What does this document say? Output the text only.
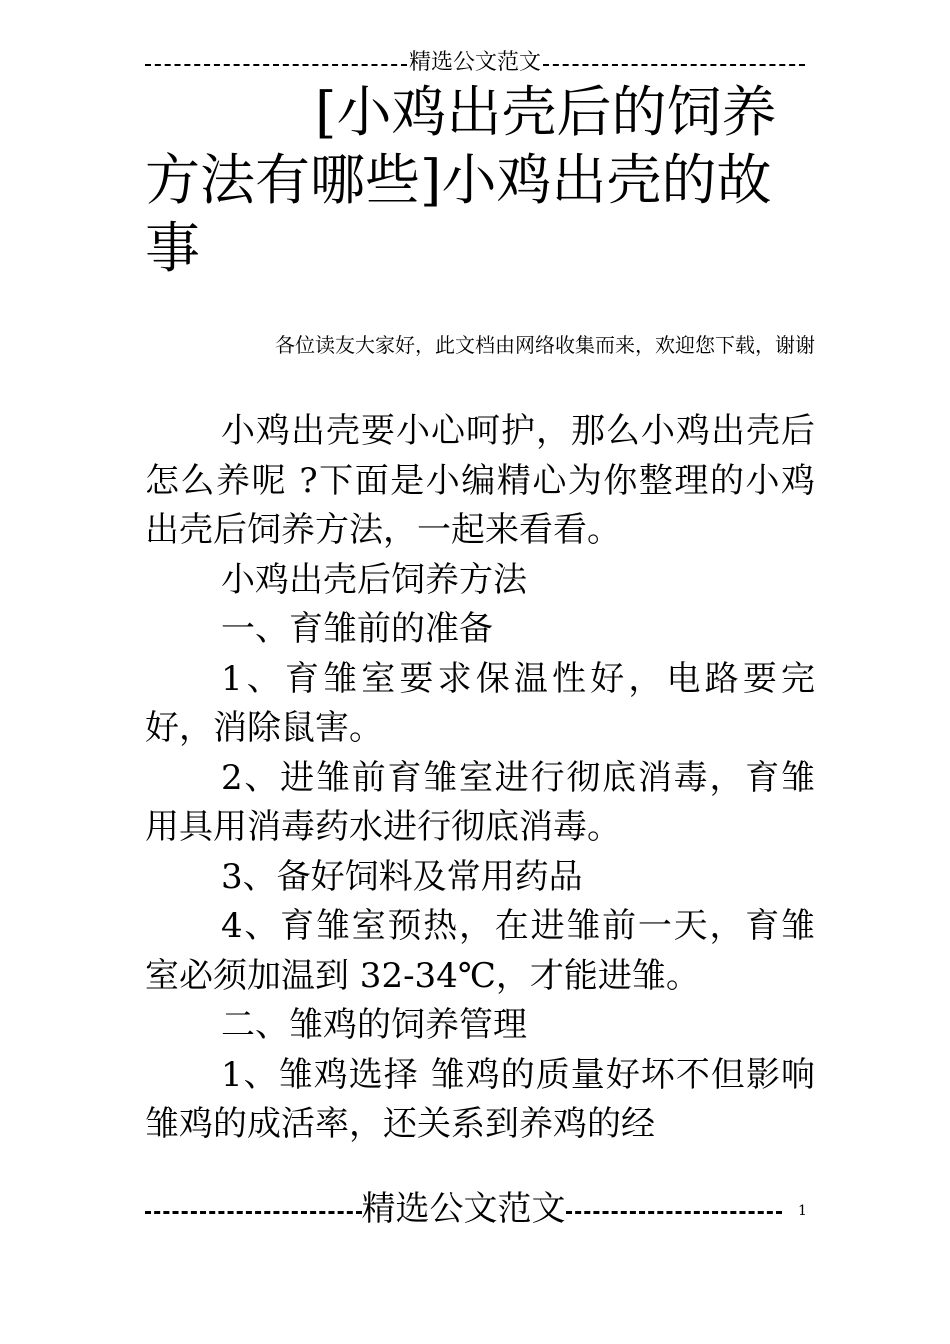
精选公文范文
[小鸡出壳后的饲养方法有哪些]小鸡出壳的故事
各位读友大家好，此文档由网络收集而来，欢迎您下载，谢谢

小鸡出壳要小心呵护，那么小鸡出壳后怎么养呢 ?下面是小编精心为你整理的小鸡出壳后饲养方法，一起来看看。

小鸡出壳后饲养方法

一、育雏前的准备

1、育雏室要求保温性好，电路要完好，消除鼠害。

2、进雏前育雏室进行彻底消毒，育雏用具用消毒药水进行彻底消毒。

3、备好饲料及常用药品

4、育雏室预热，在进雏前一天，育雏室必须加温到 32-34℃，才能进雏。

二、雏鸡的饲养管理

1、雏鸡选择 雏鸡的质量好坏不但影响雏鸡的成活率，还关系到养鸡的经

精选公文范文	1
